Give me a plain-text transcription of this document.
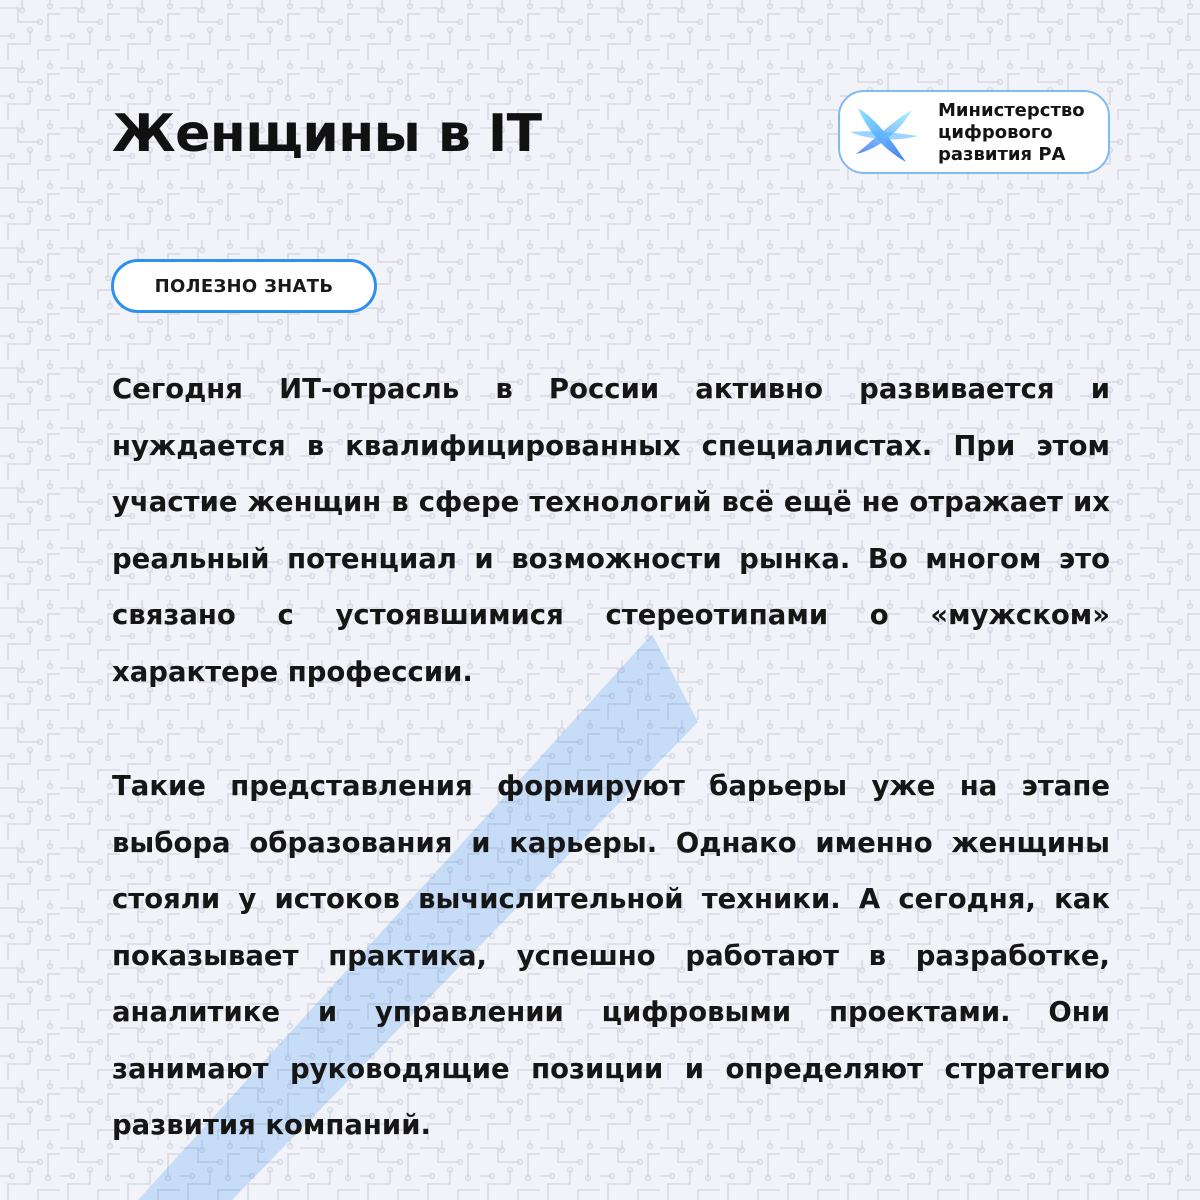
Женщины в IT	Министерство
цифрового
развития РА
ПОЛЕЗНО ЗНАТЬ

Сегодня ИТ-отрасль в России активно развивается и нуждается в квалифицированных специалистах. При этом участие женщин в сфере технологий всё ещё не отражает их реальный потенциал и возможности рынка. Во многом это связано с устоявшимися стереотипами о «мужском» характере профессии.

Такие представления формируют барьеры уже на этапе выбора образования и карьеры. Однако именно женщины стояли у истоков вычислительной техники. А сегодня, как показывает практика, успешно работают в разработке, аналитике и управлении цифровыми проектами. Они занимают руководящие позиции и определяют стратегию развития компаний.
